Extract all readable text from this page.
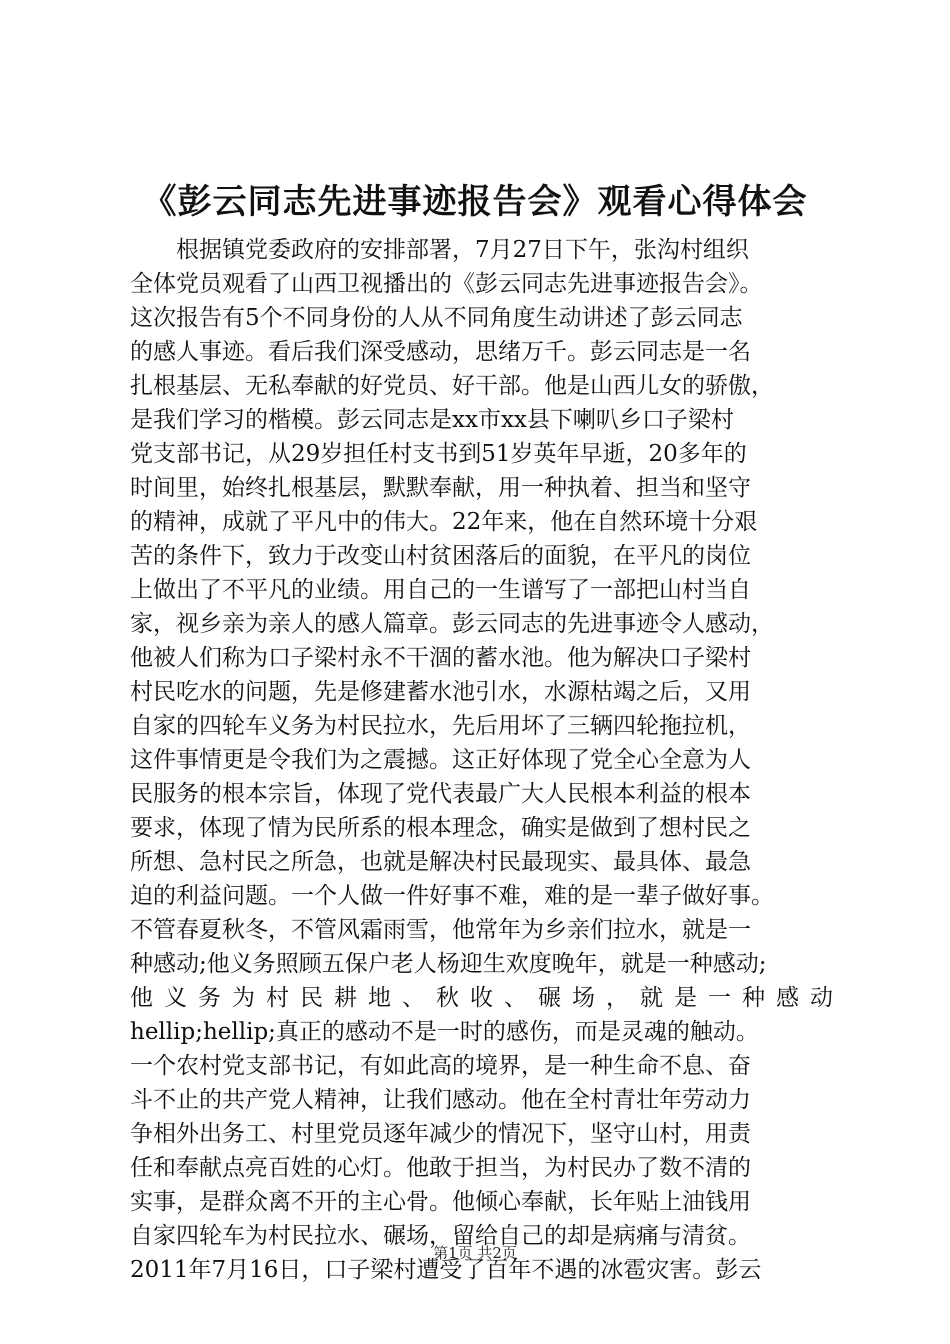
《彭云同志先进事迹报告会》观看心得体会
根据镇党委政府的安排部署，7月27日下午，张沟村组织
全体党员观看了山西卫视播出的《彭云同志先进事迹报告会》。
这次报告有5个不同身份的人从不同角度生动讲述了彭云同志
的感人事迹。看后我们深受感动，思绪万千。彭云同志是一名
扎根基层、无私奉献的好党员、好干部。他是山西儿女的骄傲，
是我们学习的楷模。彭云同志是xx市xx县下喇叭乡口子梁村
党支部书记，从29岁担任村支书到51岁英年早逝，20多年的
时间里，始终扎根基层，默默奉献，用一种执着、担当和坚守
的精神，成就了平凡中的伟大。22年来，他在自然环境十分艰
苦的条件下，致力于改变山村贫困落后的面貌，在平凡的岗位
上做出了不平凡的业绩。用自己的一生谱写了一部把山村当自
家，视乡亲为亲人的感人篇章。彭云同志的先进事迹令人感动，
他被人们称为口子梁村永不干涸的蓄水池。他为解决口子梁村
村民吃水的问题，先是修建蓄水池引水，水源枯竭之后，又用
自家的四轮车义务为村民拉水，先后用坏了三辆四轮拖拉机，
这件事情更是令我们为之震撼。这正好体现了党全心全意为人
民服务的根本宗旨，体现了党代表最广大人民根本利益的根本
要求，体现了情为民所系的根本理念，确实是做到了想村民之
所想、急村民之所急，也就是解决村民最现实、最具体、最急
迫的利益问题。一个人做一件好事不难，难的是一辈子做好事。
不管春夏秋冬，不管风霜雨雪，他常年为乡亲们拉水，就是一
种感动;他义务照顾五保户老人杨迎生欢度晚年，就是一种感动;
他义务为村民耕地、秋收、碾场，就是一种感动
hellip;hellip;真正的感动不是一时的感伤，而是灵魂的触动。
一个农村党支部书记，有如此高的境界，是一种生命不息、奋
斗不止的共产党人精神，让我们感动。他在全村青壮年劳动力
争相外出务工、村里党员逐年减少的情况下，坚守山村，用责
任和奉献点亮百姓的心灯。他敢于担当，为村民办了数不清的
实事，是群众离不开的主心骨。他倾心奉献，长年贴上油钱用
自家四轮车为村民拉水、碾场，留给自己的却是病痛与清贫。
2011年7月16日，口子梁村遭受了百年不遇的冰雹灾害。彭云
第1页 共2页
